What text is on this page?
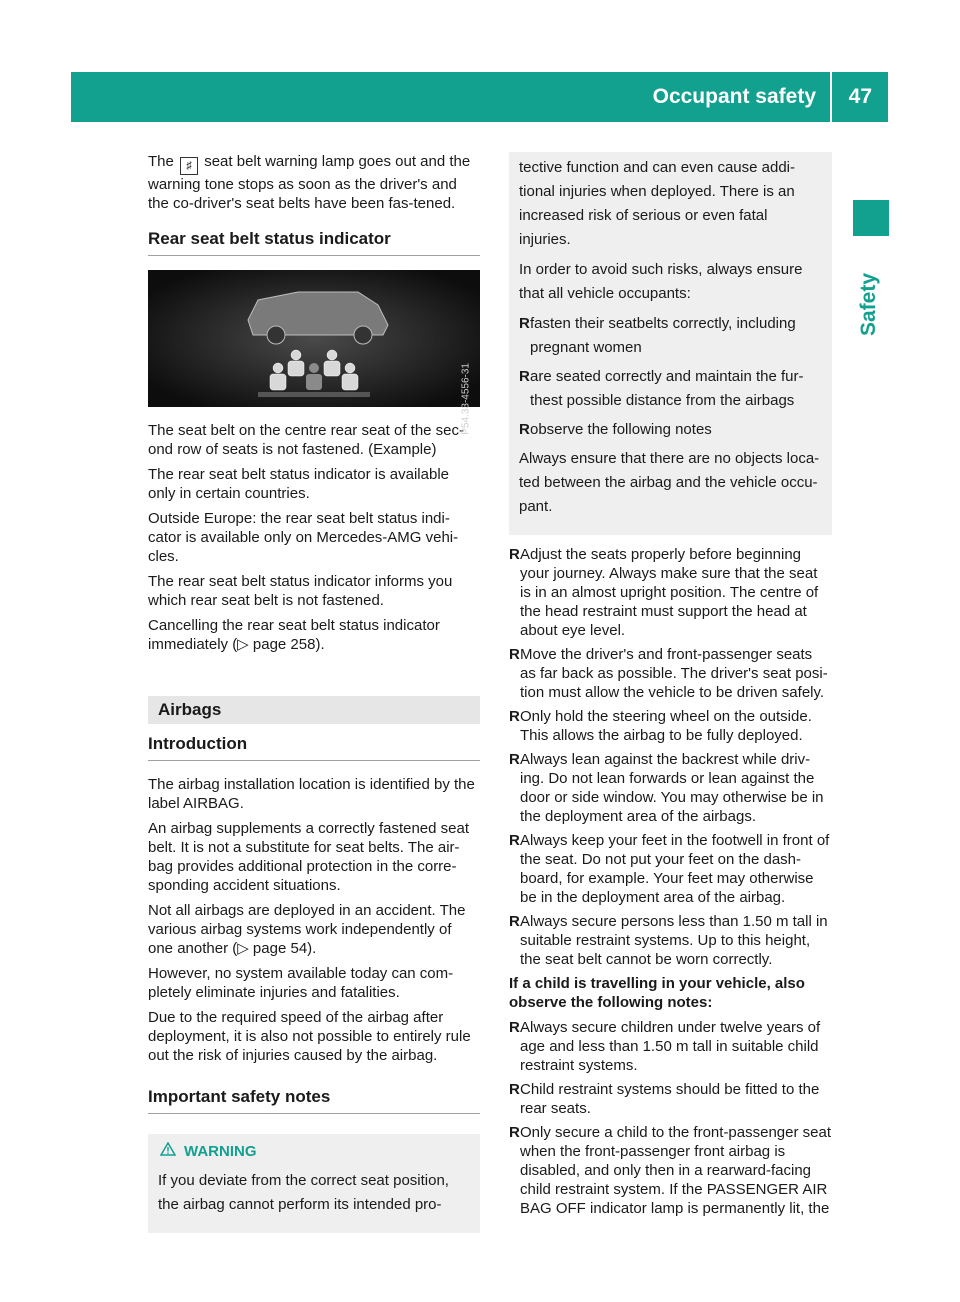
Occupant safety 47
Safety

The ♯ seat belt warning lamp goes out and the warning tone stops as soon as the driver's and the co-driver's seat belts have been fas-tened.

Rear seat belt status indicator
P54.33-4556-31

The seat belt on the centre rear seat of the sec-ond row of seats is not fastened. (Example)

The rear seat belt status indicator is available only in certain countries.

Outside Europe: the rear seat belt status indi-cator is available only on Mercedes-AMG vehi-cles.

The rear seat belt status indicator informs you which rear seat belt is not fastened.

Cancelling the rear seat belt status indicator immediately (▷ page 258).

Airbags
Introduction

The airbag installation location is identified by the label AIRBAG.

An airbag supplements a correctly fastened seat belt. It is not a substitute for seat belts. The air-bag provides additional protection in the corre-sponding accident situations.

Not all airbags are deployed in an accident. The various airbag systems work independently of one another (▷ page 54).

However, no system available today can com-pletely eliminate injuries and fatalities.

Due to the required speed of the airbag after deployment, it is also not possible to entirely rule out the risk of injuries caused by the airbag.

Important safety notes
WARNING
If you deviate from the correct seat position, the airbag cannot perform its intended pro-
tective function and can even cause addi-tional injuries when deployed. There is an increased risk of serious or even fatal injuries.
In order to avoid such risks, always ensure that all vehicle occupants:
R fasten their seatbelts correctly, including pregnant women
R are seated correctly and maintain the fur-thest possible distance from the airbags
R observe the following notes
Always ensure that there are no objects loca-ted between the airbag and the vehicle occu-pant.
R Adjust the seats properly before beginning your journey. Always make sure that the seat is in an almost upright position. The centre of the head restraint must support the head at about eye level.
R Move the driver's and front-passenger seats as far back as possible. The driver's seat posi-tion must allow the vehicle to be driven safely.
R Only hold the steering wheel on the outside. This allows the airbag to be fully deployed.
R Always lean against the backrest while driv-ing. Do not lean forwards or lean against the door or side window. You may otherwise be in the deployment area of the airbags.
R Always keep your feet in the footwell in front of the seat. Do not put your feet on the dash-board, for example. Your feet may otherwise be in the deployment area of the airbag.
R Always secure persons less than 1.50 m tall in suitable restraint systems. Up to this height, the seat belt cannot be worn correctly.
If a child is travelling in your vehicle, also observe the following notes:
R Always secure children under twelve years of age and less than 1.50 m tall in suitable child restraint systems.
R Child restraint systems should be fitted to the rear seats.
R Only secure a child to the front-passenger seat when the front-passenger front airbag is disabled, and only then in a rearward-facing child restraint system. If the PASSENGER AIR BAG OFF indicator lamp is permanently lit, the
